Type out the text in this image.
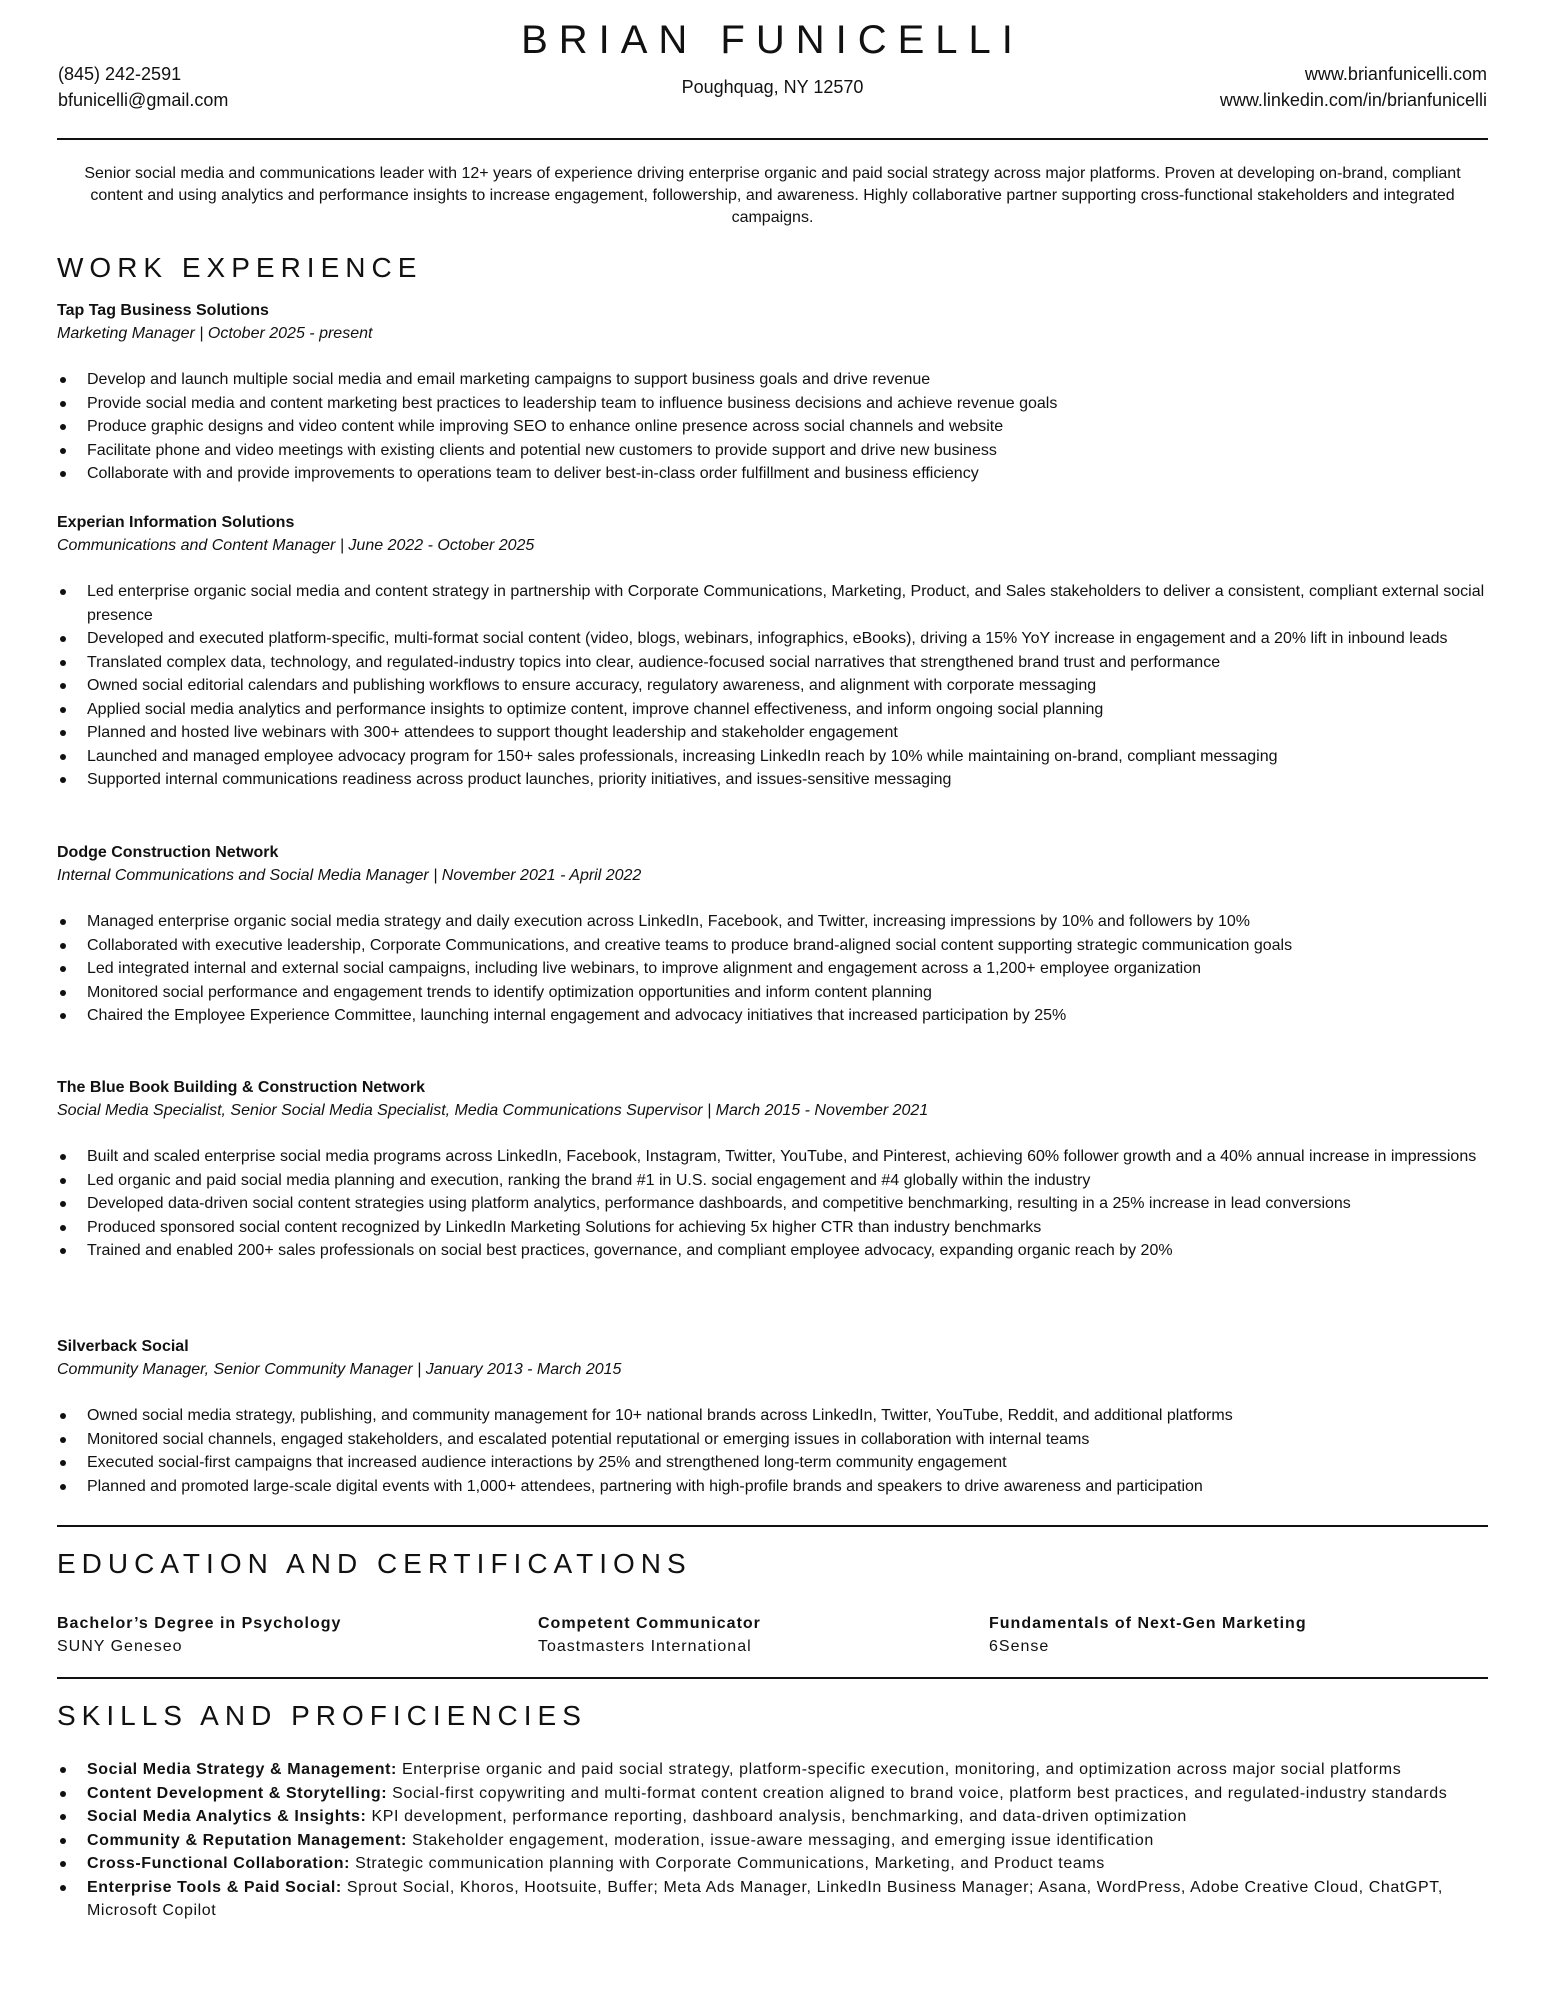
BRIAN FUNICELLI
Poughquag, NY 12570
(845) 242-2591
bfunicelli@gmail.com
www.brianfunicelli.com
www.linkedin.com/in/brianfunicelli
Senior social media and communications leader with 12+ years of experience driving enterprise organic and paid social strategy across major platforms. Proven at developing on-brand, compliant content and using analytics and performance insights to increase engagement, followership, and awareness. Highly collaborative partner supporting cross-functional stakeholders and integrated campaigns.
WORK EXPERIENCE
Tap Tag Business Solutions
Marketing Manager | October 2025 - present
Develop and launch multiple social media and email marketing campaigns to support business goals and drive revenue
Provide social media and content marketing best practices to leadership team to influence business decisions and achieve revenue goals
Produce graphic designs and video content while improving SEO to enhance online presence across social channels and website
Facilitate phone and video meetings with existing clients and potential new customers to provide support and drive new business
Collaborate with and provide improvements to operations team to deliver best-in-class order fulfillment and business efficiency
Experian Information Solutions
Communications and Content Manager | June 2022 - October 2025
Led enterprise organic social media and content strategy in partnership with Corporate Communications, Marketing, Product, and Sales stakeholders to deliver a consistent, compliant external social presence
Developed and executed platform-specific, multi-format social content (video, blogs, webinars, infographics, eBooks), driving a 15% YoY increase in engagement and a 20% lift in inbound leads
Translated complex data, technology, and regulated-industry topics into clear, audience-focused social narratives that strengthened brand trust and performance
Owned social editorial calendars and publishing workflows to ensure accuracy, regulatory awareness, and alignment with corporate messaging
Applied social media analytics and performance insights to optimize content, improve channel effectiveness, and inform ongoing social planning
Planned and hosted live webinars with 300+ attendees to support thought leadership and stakeholder engagement
Launched and managed employee advocacy program for 150+ sales professionals, increasing LinkedIn reach by 10% while maintaining on-brand, compliant messaging
Supported internal communications readiness across product launches, priority initiatives, and issues-sensitive messaging
Dodge Construction Network
Internal Communications and Social Media Manager | November 2021 - April 2022
Managed enterprise organic social media strategy and daily execution across LinkedIn, Facebook, and Twitter, increasing impressions by 10% and followers by 10%
Collaborated with executive leadership, Corporate Communications, and creative teams to produce brand-aligned social content supporting strategic communication goals
Led integrated internal and external social campaigns, including live webinars, to improve alignment and engagement across a 1,200+ employee organization
Monitored social performance and engagement trends to identify optimization opportunities and inform content planning
Chaired the Employee Experience Committee, launching internal engagement and advocacy initiatives that increased participation by 25%
The Blue Book Building & Construction Network
Social Media Specialist, Senior Social Media Specialist, Media Communications Supervisor | March 2015 - November 2021
Built and scaled enterprise social media programs across LinkedIn, Facebook, Instagram, Twitter, YouTube, and Pinterest, achieving 60% follower growth and a 40% annual increase in impressions
Led organic and paid social media planning and execution, ranking the brand #1 in U.S. social engagement and #4 globally within the industry
Developed data-driven social content strategies using platform analytics, performance dashboards, and competitive benchmarking, resulting in a 25% increase in lead conversions
Produced sponsored social content recognized by LinkedIn Marketing Solutions for achieving 5x higher CTR than industry benchmarks
Trained and enabled 200+ sales professionals on social best practices, governance, and compliant employee advocacy, expanding organic reach by 20%
Silverback Social
Community Manager, Senior Community Manager | January 2013 - March 2015
Owned social media strategy, publishing, and community management for 10+ national brands across LinkedIn, Twitter, YouTube, Reddit, and additional platforms
Monitored social channels, engaged stakeholders, and escalated potential reputational or emerging issues in collaboration with internal teams
Executed social-first campaigns that increased audience interactions by 25% and strengthened long-term community engagement
Planned and promoted large-scale digital events with 1,000+ attendees, partnering with high-profile brands and speakers to drive awareness and participation
EDUCATION AND CERTIFICATIONS
Bachelor’s Degree in Psychology
SUNY Geneseo
Competent Communicator
Toastmasters International
Fundamentals of Next-Gen Marketing
6Sense
SKILLS AND PROFICIENCIES
Social Media Strategy & Management: Enterprise organic and paid social strategy, platform-specific execution, monitoring, and optimization across major social platforms
Content Development & Storytelling: Social-first copywriting and multi-format content creation aligned to brand voice, platform best practices, and regulated-industry standards
Social Media Analytics & Insights: KPI development, performance reporting, dashboard analysis, benchmarking, and data-driven optimization
Community & Reputation Management: Stakeholder engagement, moderation, issue-aware messaging, and emerging issue identification
Cross-Functional Collaboration: Strategic communication planning with Corporate Communications, Marketing, and Product teams
Enterprise Tools & Paid Social: Sprout Social, Khoros, Hootsuite, Buffer; Meta Ads Manager, LinkedIn Business Manager; Asana, WordPress, Adobe Creative Cloud, ChatGPT, Microsoft Copilot
